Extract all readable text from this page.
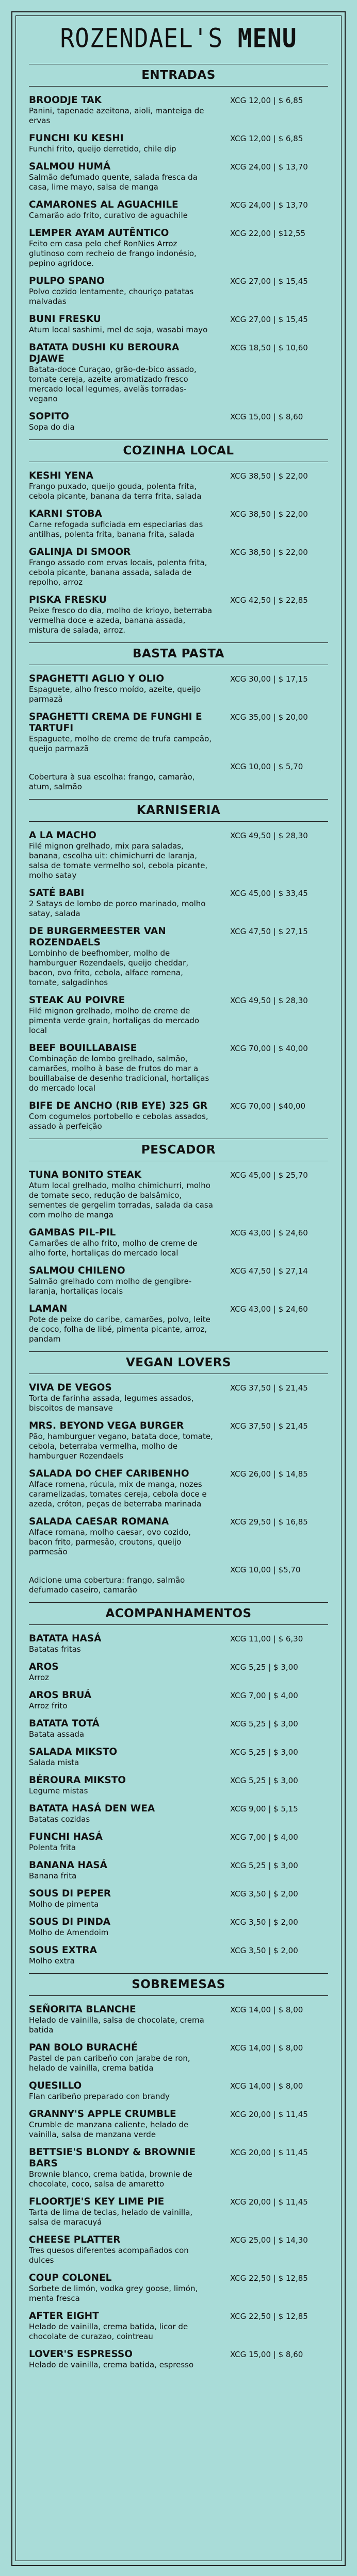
ROZENDAEL'S MENU
ENTRADAS
BROODJE TAK	XCG 12,00 | $ 6,85
Panini, tapenade azeitona, aioli, manteiga de ervas
FUNCHI KU KESHI	XCG 12,00 | $ 6,85
Funchi frito, queijo derretido, chile dip
SALMOU HUMÁ	XCG 24,00 | $ 13,70
Salmão defumado quente, salada fresca da casa, lime mayo, salsa de manga
CAMARONES AL AGUACHILE	XCG 24,00 | $ 13,70
Camarão ado frito, curativo de aguachile
LEMPER AYAM AUTÊNTICO	XCG 22,00 | $12,55
Feito em casa pelo chef RonNies Arroz glutinoso com recheio de frango indonésio, pepino agridoce.
PULPO SPANO	XCG 27,00 | $ 15,45
Polvo cozido lentamente, chouriço patatas malvadas
BUNI FRESKU	XCG 27,00 | $ 15,45
Atum local sashimi, mel de soja, wasabi mayo
BATATA DUSHI KU BEROURA DJAWE
XCG 18,50 | $ 10,60
Batata-doce Curaçao, grão-de-bico assado, tomate cereja, azeite aromatizado fresco mercado local legumes, avelãs torradas-vegano
SOPITO	XCG 15,00 | $ 8,60
Sopa do dia
COZINHA LOCAL
KESHI YENA	XCG 38,50 | $ 22,00
Frango puxado, queijo gouda, polenta frita, cebola picante, banana da terra frita, salada
KARNI STOBA	XCG 38,50 | $ 22,00
Carne refogada suficiada em especiarias das antilhas, polenta frita, banana frita, salada
GALINJA DI SMOOR	XCG 38,50 | $ 22,00
Frango assado com ervas locais, polenta frita, cebola picante, banana assada, salada de repolho, arroz
PISKA FRESKU	XCG 42,50 | $ 22,85
Peixe fresco do dia, molho de krioyo, beterraba vermelha doce e azeda, banana assada, mistura de salada, arroz.
BASTA PASTA
SPAGHETTI AGLIO Y OLIO	XCG 30,00 | $ 17,15
Espaguete, alho fresco moído, azeite, queijo parmazã
SPAGHETTI CREMA DE FUNGHI E TARTUFI
XCG 35,00 | $ 20,00
Espaguete, molho de creme de trufa campeão, queijo parmazã
XCG 10,00 | $ 5,70
Cobertura à sua escolha: frango, camarão, atum, salmão
KARNISERIA
A LA MACHO	XCG 49,50 | $ 28,30
Filé mignon grelhado, mix para saladas, banana, escolha uit: chimichurri de laranja, salsa de tomate vermelho sol, cebola picante, molho satay
SATÉ BABI	XCG 45,00 | $ 33,45
2 Satays de lombo de porco marinado, molho satay, salada
DE BURGERMEESTER VAN ROZENDAELS
XCG 47,50 | $ 27,15
Lombinho de beefhomber, molho de hamburguer Rozendaels, queijo cheddar, bacon, ovo frito, cebola, alface romena, tomate, salgadinhos
STEAK AU POIVRE	XCG 49,50 | $ 28,30
Filé mignon grelhado, molho de creme de pimenta verde grain, hortaliças do mercado local
BEEF BOUILLABAISE	XCG 70,00 | $ 40,00
Combinação de lombo grelhado, salmão, camarões, molho à base de frutos do mar a bouillabaise de desenho tradicional, hortaliças do mercado local
BIFE DE ANCHO (RIB EYE) 325 GR	XCG 70,00 | $40,00
Com cogumelos portobello e cebolas assados, assado à perfeição
PESCADOR
TUNA BONITO STEAK	XCG 45,00 | $ 25,70
Atum local grelhado, molho chimichurri, molho de tomate seco, redução de balsâmico, sementes de gergelim torradas, salada da casa com molho de manga
GAMBAS PIL-PIL	XCG 43,00 | $ 24,60
Camarões de alho frito, molho de creme de alho forte, hortaliças do mercado local
SALMOU CHILENO	XCG 47,50 | $ 27,14
Salmão grelhado com molho de gengibre-laranja, hortaliças locais
LAMAN	XCG 43,00 | $ 24,60
Pote de peixe do caribe, camarões, polvo, leite de coco, folha de libé, pimenta picante, arroz, pandam
VEGAN LOVERS
VIVA DE VEGOS	XCG 37,50 | $ 21,45
Torta de farinha assada, legumes assados, biscoitos de mansave
MRS. BEYOND VEGA BURGER	XCG 37,50 | $ 21,45
Pão, hamburguer vegano, batata doce, tomate, cebola, beterraba vermelha, molho de hamburguer Rozendaels
SALADA DO CHEF CARIBENHO	XCG 26,00 | $ 14,85
Alface romena, rúcula, mix de manga, nozes caramelizadas, tomates cereja, cebola doce e azeda, cróton, peças de beterraba marinada
SALADA CAESAR ROMANA	XCG 29,50 | $ 16,85
Alface romana, molho caesar, ovo cozido, bacon frito, parmesão, croutons, queijo parmesão
XCG 10,00 | $5,70
Adicione uma cobertura: frango, salmão defumado caseiro, camarão
ACOMPANHAMENTOS
BATATA HASÁ	XCG 11,00 | $ 6,30
Batatas fritas
AROS	XCG 5,25 | $ 3,00
Arroz
AROS BRUÁ	XCG 7,00 | $ 4,00
Arroz frito
BATATA TOTÁ	XCG 5,25 | $ 3,00
Batata assada
SALADA MIKSTO	XCG 5,25 | $ 3,00
Salada mista
BÉROURA MIKSTO	XCG 5,25 | $ 3,00
Legume mistas
BATATA HASÁ DEN WEA	XCG 9,00 | $ 5,15
Batatas cozidas
FUNCHI HASÁ	XCG 7,00 | $ 4,00
Polenta frita
BANANA HASÁ	XCG 5,25 | $ 3,00
Banana frita
SOUS DI PEPER	XCG 3,50 | $ 2,00
Molho de pimenta
SOUS DI PINDA	XCG 3,50 | $ 2,00
Molho de Amendoim
SOUS EXTRA	XCG 3,50 | $ 2,00
Molho extra
SOBREMESAS
SEÑORITA BLANCHE	XCG 14,00 | $ 8,00
Helado de vainilla, salsa de chocolate, crema batida
PAN BOLO BURACHÉ	XCG 14,00 | $ 8,00
Pastel de pan caribeño con jarabe de ron, helado de vainilla, crema batida
QUESILLO	XCG 14,00 | $ 8,00
Flan caribeño preparado con brandy
GRANNY'S APPLE CRUMBLE	XCG 20,00 | $ 11,45
Crumble de manzana caliente, helado de vainilla, salsa de manzana verde
BETTSIE'S BLONDY & BROWNIE BARS
XCG 20,00 | $ 11,45
Brownie blanco, crema batida, brownie de chocolate, coco, salsa de amaretto
FLOORTJE'S KEY LIME PIE	XCG 20,00 | $ 11,45
Tarta de lima de teclas, helado de vainilla, salsa de maracuyá
CHEESE PLATTER	XCG 25,00 | $ 14,30
Tres quesos diferentes acompañados con dulces
COUP COLONEL	XCG 22,50 | $ 12,85
Sorbete de limón, vodka grey goose, limón, menta fresca
AFTER EIGHT	XCG 22,50 | $ 12,85
Helado de vainilla, crema batida, licor de chocolate de curazao, cointreau
LOVER'S ESPRESSO	XCG 15,00 | $ 8,60
Helado de vainilla, crema batida, espresso
